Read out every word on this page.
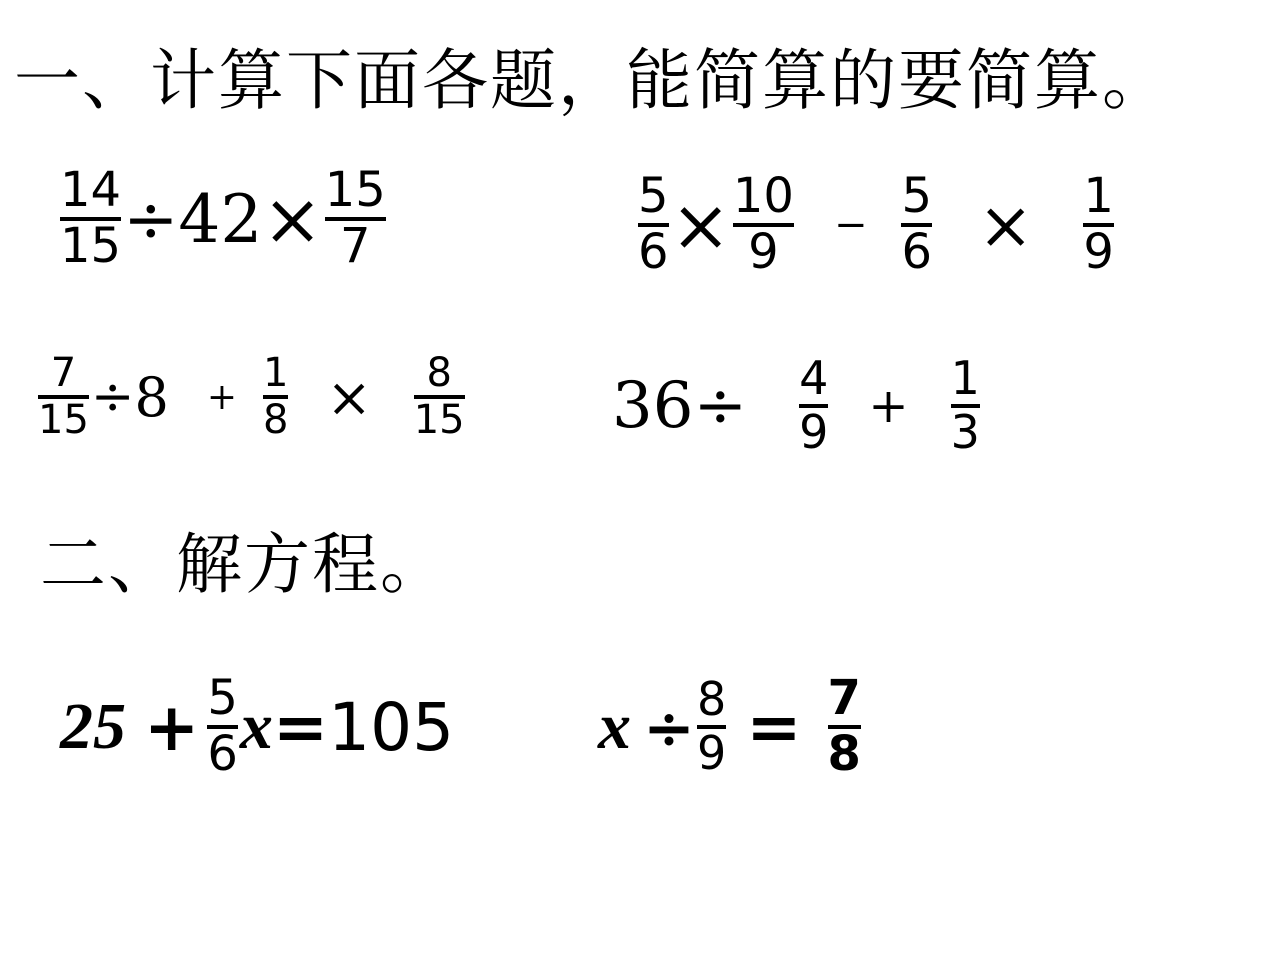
一、计算下面各题，能简算的要简算。
$\frac{14}{15} \div 42 \times \frac{15}{7}$	$\frac{5}{6} \times \frac{10}{9} - \frac{5}{6} \times \frac{1}{9}$
$\frac{7}{15} \div 8 + \frac{1}{8} \times \frac{8}{15} 36 \div \frac{4}{9} + \frac{1}{3}$
二、解方程。
$25 + \frac{5}{6}$ x = 105 $x \div \frac{8}{9} = \frac{7}{8}$
